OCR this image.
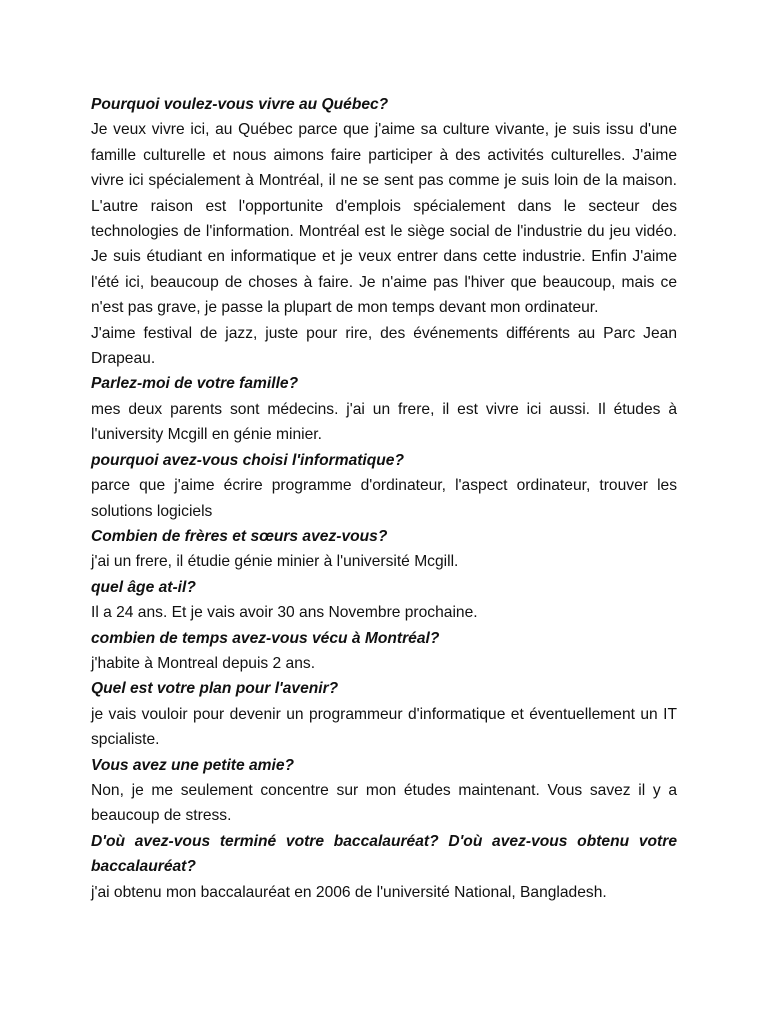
Pourquoi voulez-vous vivre au Québec?

Je veux vivre ici, au Québec parce que j'aime sa culture vivante, je suis issu d'une famille culturelle et nous aimons faire participer à des activités culturelles. J'aime vivre ici spécialement à Montréal, il ne se sent pas comme je suis loin de la maison. L'autre raison est l'opportunite d'emplois spécialement dans le secteur des technologies de l'information. Montréal est le siège social de l'industrie du jeu vidéo. Je suis étudiant en informatique et je veux entrer dans cette industrie. Enfin J'aime l'été ici, beaucoup de choses à faire. Je n'aime pas l'hiver que beaucoup, mais ce n'est pas grave, je passe la plupart de mon temps devant mon ordinateur.

J'aime festival de jazz, juste pour rire, des événements différents au Parc Jean Drapeau.

Parlez-moi de votre famille?

mes deux parents sont médecins. j'ai un frere, il est vivre ici aussi. Il études à l'university Mcgill en génie minier.

pourquoi avez-vous choisi l'informatique?

parce que j'aime écrire programme d'ordinateur, l'aspect ordinateur, trouver les solutions logiciels

Combien de frères et sœurs avez-vous?

j'ai un frere, il étudie génie minier à l'université Mcgill.

quel âge at-il?

Il a 24 ans. Et je vais avoir 30 ans Novembre prochaine.

combien de temps avez-vous vécu à Montréal?

j'habite à Montreal depuis 2 ans.

Quel est votre plan pour l'avenir?

je vais vouloir pour devenir un programmeur d'informatique et éventuellement un IT spcialiste.

Vous avez une petite amie?

Non, je me seulement concentre sur mon études maintenant. Vous savez il y a beaucoup de stress.

D'où avez-vous terminé votre baccalauréat? D'où avez-vous obtenu votre baccalauréat?

j'ai obtenu mon baccalauréat en 2006 de l'université National, Bangladesh.
